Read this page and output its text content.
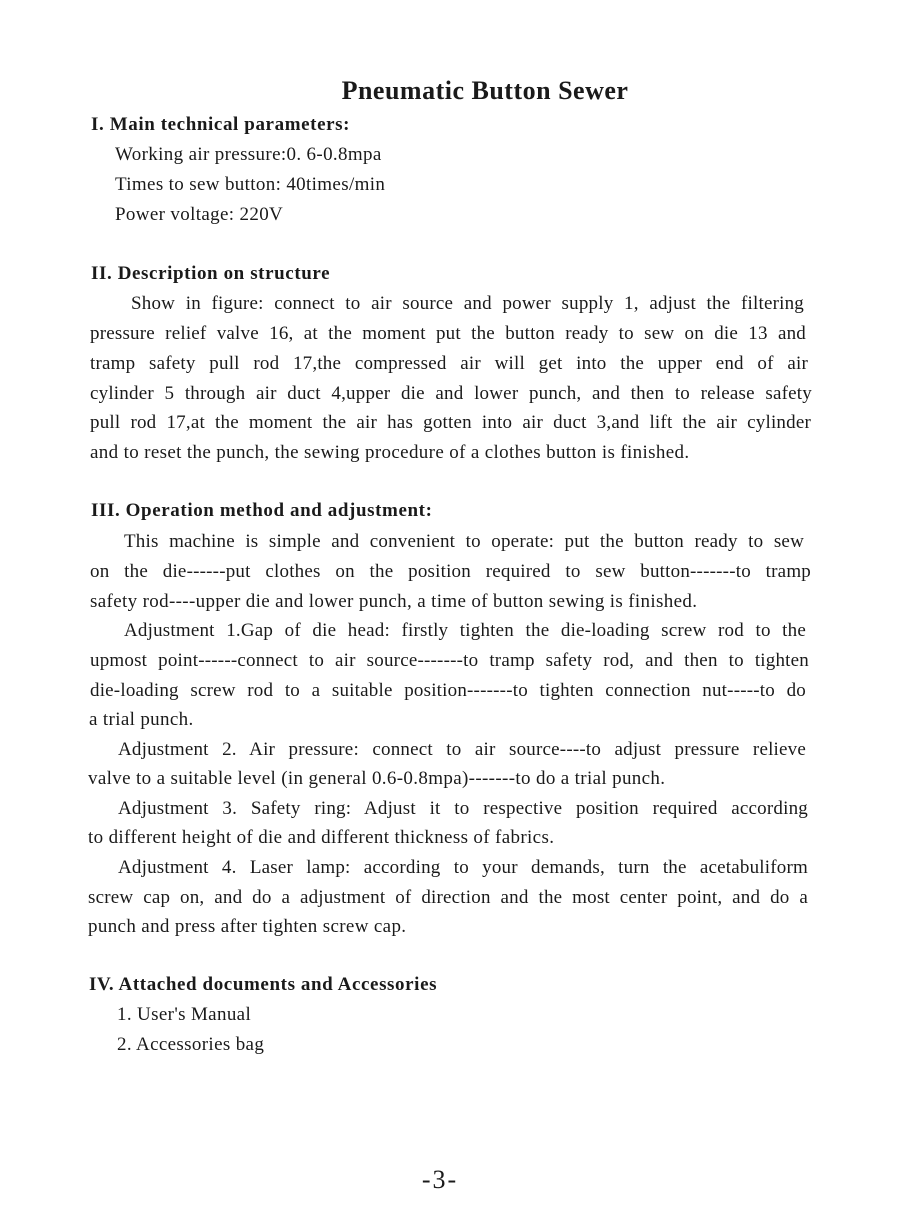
Pneumatic Button Sewer
I. Main technical parameters:
Working air pressure:0. 6-0.8mpa
Times to sew button: 40times/min
Power voltage: 220V
II. Description on structure
Show in figure: connect to air source and power supply 1, adjust the filtering
pressure relief valve 16, at the moment put the button ready to sew on die 13 and
tramp safety pull rod 17,the compressed air will get into the upper end of air
cylinder 5 through air duct 4,upper die and lower punch, and then to release safety
pull rod 17,at the moment the air has gotten into air duct 3,and lift the air cylinder
and to reset the punch, the sewing procedure of a clothes button is finished.
III. Operation method and adjustment:
This machine is simple and convenient to operate: put the button ready to sew
on the die------put clothes on the position required to sew button-------to tramp
safety rod----upper die and lower punch, a time of button sewing is finished.
Adjustment 1.Gap of die head: firstly tighten the die-loading screw rod to the
upmost point------connect to air source-------to tramp safety rod, and then to tighten
die-loading screw rod to a suitable position-------to tighten connection nut-----to do
a trial punch.
Adjustment 2. Air pressure: connect to air source----to adjust pressure relieve
valve to a suitable level (in general 0.6-0.8mpa)-------to do a trial punch.
Adjustment 3. Safety ring: Adjust it to respective position required according
to different height of die and different thickness of fabrics.
Adjustment 4. Laser lamp: according to your demands, turn the acetabuliform
screw cap on, and do a adjustment of direction and the most center point, and do a
punch and press after tighten screw cap.
IV. Attached documents and Accessories
1. User's Manual
2. Accessories bag
-3-
